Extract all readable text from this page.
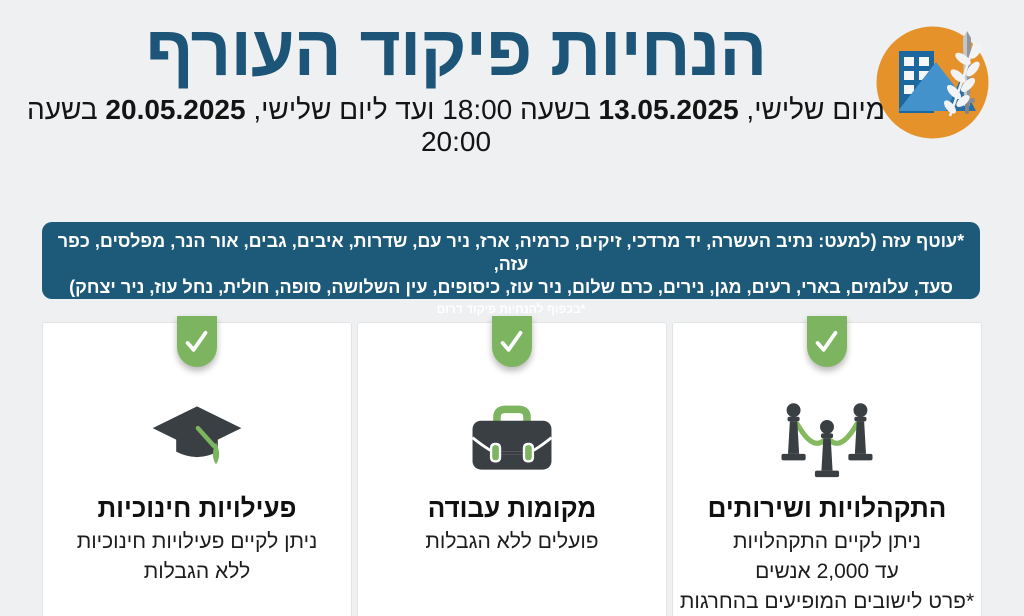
הנחיות פיקוד העורף

מיום שלישי, 13.05.2025 בשעה 18:00 ועד ליום שלישי, 20.05.2025 בשעה 20:00

*עוטף עזה (למעט: נתיב העשרה, יד מרדכי, זיקים, כרמיה, ארז, ניר עם, שדרות, איבים, גבים, אור הנר, מפלסים, כפר עזה,
סעד, עלומים, בארי, רעים, מגן, נירים, כרם שלום, ניר עוז, כיסופים, עין השלושה, סופה, חולית, נחל עוז, ניר יצחק)
*בכפוף להנחיות פיקוד דרום
התקהלויות ושירותים

ניתן לקיים התקהלויות

עד 2,000 אנשים

*פרט לישובים המופיעים בהחרגות

מקומות עבודה

פועלים ללא הגבלות

פעילויות חינוכיות

ניתן לקיים פעילויות חינוכיות

ללא הגבלות
